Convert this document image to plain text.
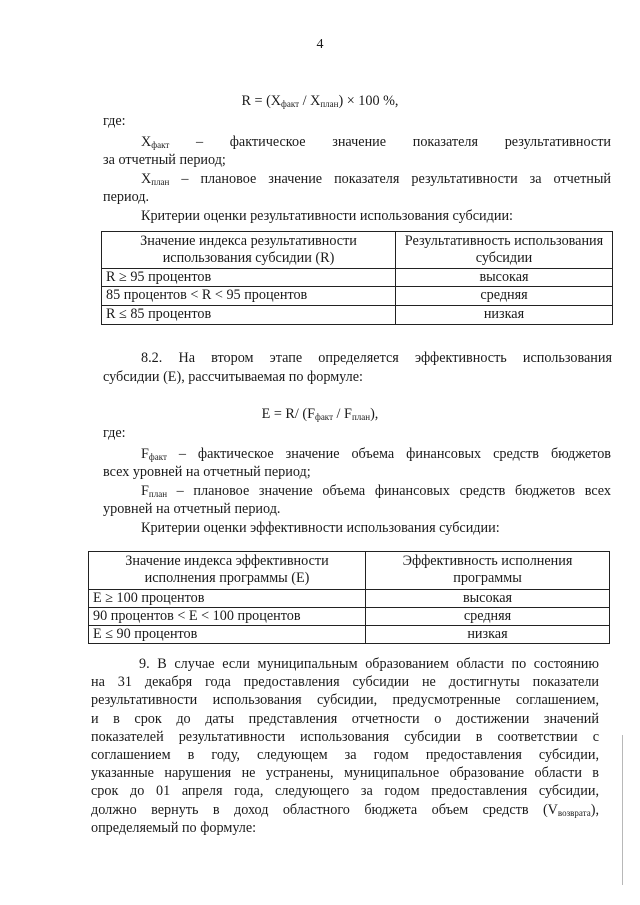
4
$R = (Х_{факт} / Х_{план}) \times 100$ %,
где:
$Х_{факт}$ – фактическое значение показателя результативности
за отчетный период;
$Х_{план}$ – плановое значение показателя результативности за отчетный
период.
Критерии оценки результативности использования субсидии:
Значение индекса результативности использования субсидии (R)	Результативность использования субсидии
R ≥ 95 процентов	высокая
85 процентов < R < 95 процентов	средняя
R ≤ 85 процентов	низкая
8.2. На втором этапе определяется эффективность использования
субсидии (E), рассчитываемая по формуле:
E = R/ $(F_{факт} / F_{план})$,
где:
$F_{факт}$ – фактическое значение объема финансовых средств бюджетов
всех уровней на отчетный период;
$F_{план}$ – плановое значение объема финансовых средств бюджетов всех
уровней на отчетный период.
Критерии оценки эффективности использования субсидии:
Значение индекса эффективности исполнения программы (E)	Эффективность исполнения программы
E ≥ 100 процентов	высокая
90 процентов < E < 100 процентов	средняя
E ≤ 90 процентов	низкая
9. В случае если муниципальным образованием области по состоянию
на 31 декабря года предоставления субсидии не достигнуты показатели
результативности использования субсидии, предусмотренные соглашением,
и в срок до даты представления отчетности о достижении значений
показателей результативности использования субсидии в соответствии с
соглашением в году, следующем за годом предоставления субсидии,
указанные нарушения не устранены, муниципальное образование области в
срок до 01 апреля года, следующего за годом предоставления субсидии,
должно вернуть в доход областного бюджета объем средств $(V_{возврата})$,
определяемый по формуле:
